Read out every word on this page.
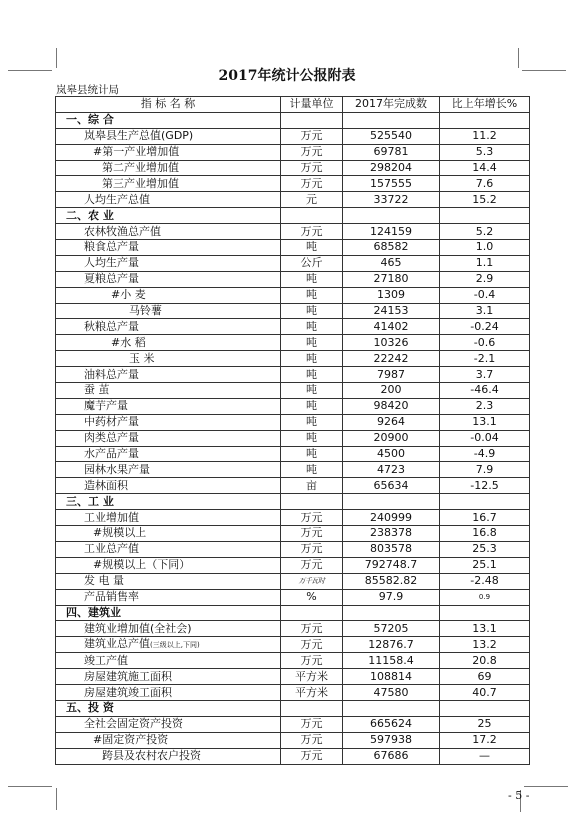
2017年统计公报附表
岚皋县统计局
指 标 名 称	计量单位	2017年完成数	比上年增长%
一、综 合			
岚皋县生产总值(GDP)	万元	525540	11.2
#第一产业增加值	万元	69781	5.3
第二产业增加值	万元	298204	14.4
第三产业增加值	万元	157555	7.6
人均生产总值	元	33722	15.2
二、农 业			
农林牧渔总产值	万元	124159	5.2
粮食总产量	吨	68582	1.0
人均生产量	公斤	465	1.1
夏粮总产量	吨	27180	2.9
#小 麦	吨	1309	-0.4
马铃薯	吨	24153	3.1
秋粮总产量	吨	41402	-0.24
#水 稻	吨	10326	-0.6
玉 米	吨	22242	-2.1
油料总产量	吨	7987	3.7
蚕 茧	吨	200	-46.4
魔芋产量	吨	98420	2.3
中药材产量	吨	9264	13.1
肉类总产量	吨	20900	-0.04
水产品产量	吨	4500	-4.9
园林水果产量	吨	4723	7.9
造林面积	亩	65634	-12.5
三、工 业			
工业增加值	万元	240999	16.7
#规模以上	万元	238378	16.8
工业总产值	万元	803578	25.3
#规模以上（下同）	万元	792748.7	25.1
发 电 量	万千瓦时	85582.82	-2.48
产品销售率	%	97.9	0.9
四、建筑业			
建筑业增加值(全社会)	万元	57205	13.1
建筑业总产值(三级以上,下同)	万元	12876.7	13.2
竣工产值	万元	11158.4	20.8
房屋建筑施工面积	平方米	108814	69
房屋建筑竣工面积	平方米	47580	40.7
五、投 资			
全社会固定资产投资	万元	665624	25
#固定资产投资	万元	597938	17.2
跨县及农村农户投资	万元	67686	—
- 5 -
